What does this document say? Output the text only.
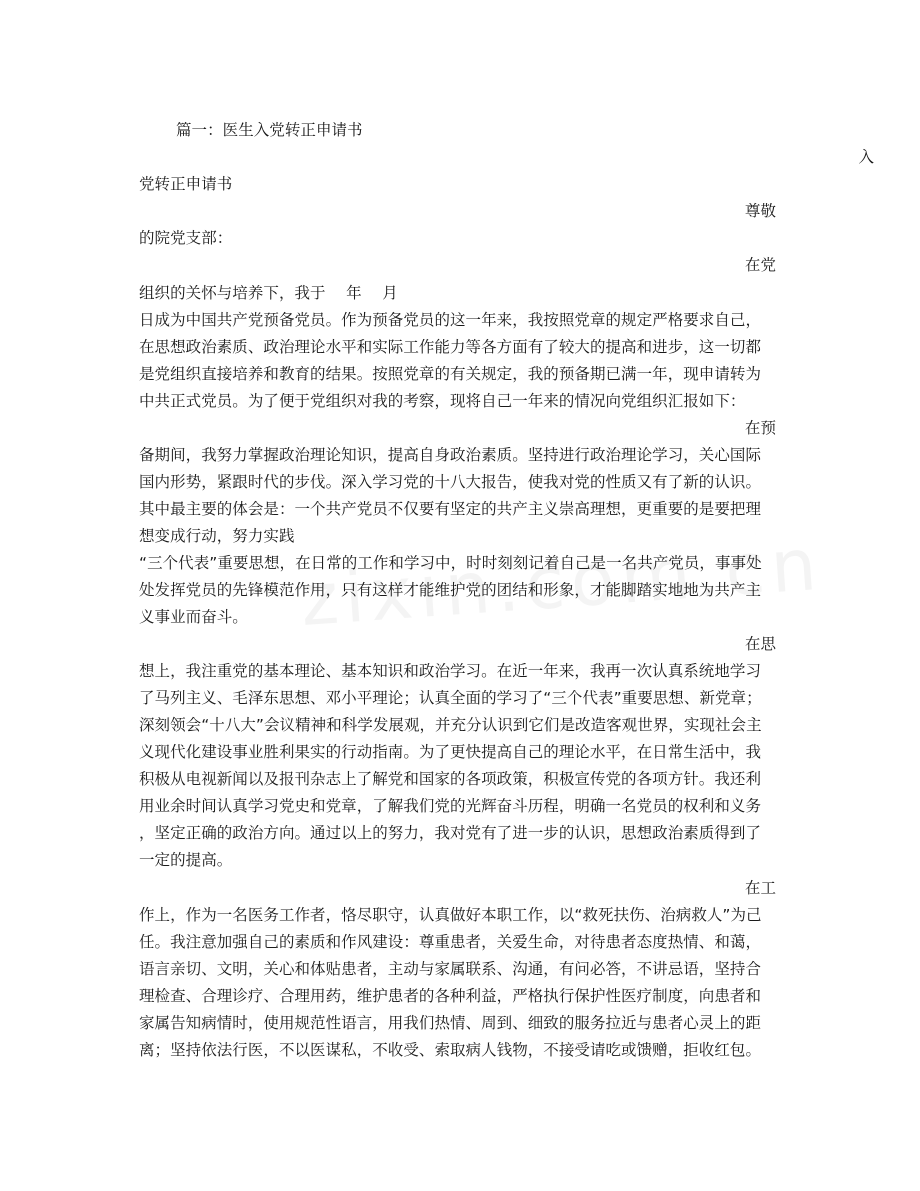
篇一：医生入党转正申请书
入
党转正申请书
尊敬
的院党支部：
在党
组织的关怀与培养下，我于　 年　 月
日成为中国共产党预备党员。作为预备党员的这一年来，我按照党章的规定严格要求自己，
在思想政治素质、政治理论水平和实际工作能力等各方面有了较大的提高和进步，这一切都
是党组织直接培养和教育的结果。按照党章的有关规定，我的预备期已满一年，现申请转为
中共正式党员。为了便于党组织对我的考察，现将自己一年来的情况向党组织汇报如下：
在预
备期间，我努力掌握政治理论知识，提高自身政治素质。坚持进行政治理论学习，关心国际
国内形势，紧跟时代的步伐。深入学习党的十八大报告，使我对党的性质又有了新的认识。
其中最主要的体会是：一个共产党员不仅要有坚定的共产主义崇高理想，更重要的是要把理
想变成行动，努力实践
“三个代表”重要思想，在日常的工作和学习中，时时刻刻记着自己是一名共产党员，事事处
处发挥党员的先锋模范作用，只有这样才能维护党的团结和形象，才能脚踏实地地为共产主
义事业而奋斗。
在思
想上，我注重党的基本理论、基本知识和政治学习。在近一年来，我再一次认真系统地学习
了马列主义、毛泽东思想、邓小平理论；认真全面的学习了“三个代表”重要思想、新党章；
深刻领会“十八大”会议精神和科学发展观，并充分认识到它们是改造客观世界，实现社会主
义现代化建设事业胜利果实的行动指南。为了更快提高自己的理论水平，在日常生活中，我
积极从电视新闻以及报刊杂志上了解党和国家的各项政策，积极宣传党的各项方针。我还利
用业余时间认真学习党史和党章，了解我们党的光辉奋斗历程，明确一名党员的权利和义务
，坚定正确的政治方向。通过以上的努力，我对党有了进一步的认识，思想政治素质得到了
一定的提高。
在工
作上，作为一名医务工作者，恪尽职守，认真做好本职工作，以“救死扶伤、治病救人”为己
任。我注意加强自己的素质和作风建设：尊重患者，关爱生命，对待患者态度热情、和蔼，
语言亲切、文明，关心和体贴患者，主动与家属联系、沟通，有问必答，不讲忌语，坚持合
理检查、合理诊疗、合理用药，维护患者的各种利益，严格执行保护性医疗制度，向患者和
家属告知病情时，使用规范性语言，用我们热情、周到、细致的服务拉近与患者心灵上的距
离；坚持依法行医，不以医谋私，不收受、索取病人钱物，不接受请吃或馈赠，拒收红包。
